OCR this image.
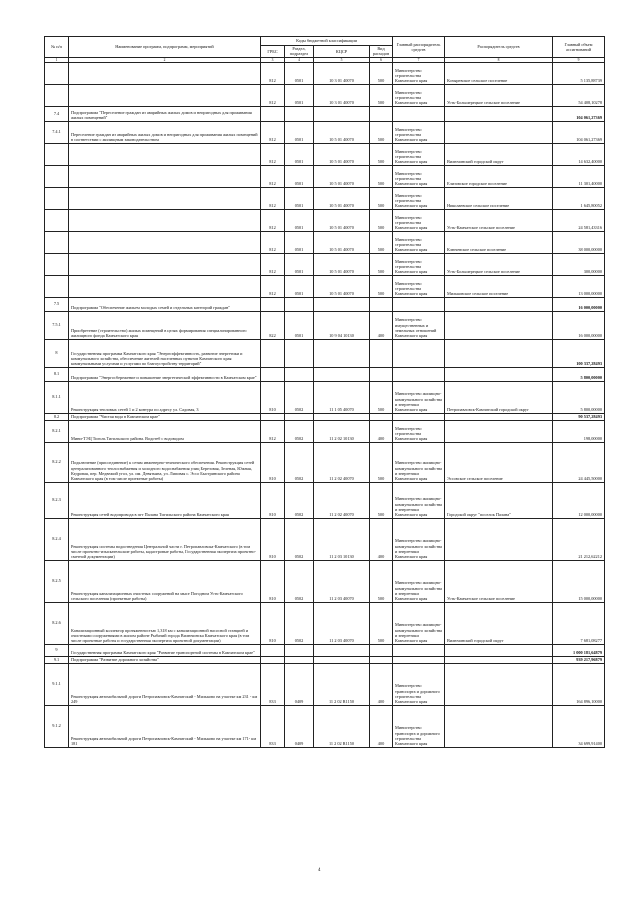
№ п/п	Наименование программ, подпрограмм, мероприятий	Коды бюджетной классификации				Главный распорядитель средств	Распорядитель средств	Главный объем ассигнований
		ГРБС	Раздел, подраздел	КЦСР	Вид расходов			
1	2	3	4	5	6	7	8	9
		812	0501	10 3 01 40070	500	Министерство строительства Камчатского края	Козыревское сельское поселение	5 135,88739
		812	0501	10 3 01 40070	500	Министерство строительства Камчатского края	Усть-Большерецкое сельское поселение	54 408,10278
7.4	Подпрограмма "Переселение граждан из аварийных жилых домов и непригодных для проживания жилых помещений"							104 061,27369
7.4.1	Переселение граждан из аварийных жилых домов и непригодных для проживания жилых помещений в соответствии с жилищным законодательством	812	0501	10 5 01 40070	500	Министерство строительства Камчатского края		104 061,27369
		812	0501	10 5 01 40070	500	Министерство строительства Камчатского края	Вилючинский городской округ	14 632,40000
		812	0501	10 5 01 40070	500	Министерство строительства Камчатского края	Елизовское городское поселение	11 301,40000
		812	0501	10 5 01 40070	500	Министерство строительства Камчатского края	Николаевское сельское поселение	1 645,80052
		812	0501	10 5 01 40070	500	Министерство строительства Камчатского края	Усть-Камчатское сельское поселение	24 581,43316
		812	0501	10 5 01 40070	500	Министерство строительства Камчатского края	Ключевское сельское поселение	38 000,00000
		812	0501	10 5 01 40070	500	Министерство строительства Камчатского края	Усть-Большерецкое сельское поселение	300,00000
		812	0501	10 5 01 40070	500	Министерство строительства Камчатского края	Мильковское сельское поселение	13 000,00000
7.5	Подпрограмма "Обеспечение жильем молодых семей и отдельных категорий граждан"							16 000,00000
7.5.1	Приобретение (строительство) жилых помещений в целях формирования специализированного жилищного фонда Камчатского края	822	0501	10 9 04 10130	400	Министерство имущественных и земельных отношений Камчатского края		16 000,00000
8	Государственная программа Камчатского края "Энергоэффективность, развитие энергетики и коммунального хозяйства, обеспечение жителей населенных пунктов Камчатского края коммунальными услугами и услугами по благоустройству территорий"							100 337,28493
8.1	Подпрограмма "Энергосбережение и повышение энергетической эффективности в Камчатском крае"							5 800,00000
8.1.1	Реконструкция тепловых сетей 1 и 2 контура по адресу ул. Садовая, 3	810	0502	11 1 05 40070	500	Министерство жилищно-коммунального хозяйства и энергетики Камчатского края	Петропавловск-Камчатский городской округ	5 800,00000
8.2	Подпрограмма "Чистая вода в Камчатском крае"							90 537,28493
8.2.1	Мини-ТЭЦ Тиголь Тигильского района. Водотеб с водоводом	812	0502	11 2 02 10130	400	Министерство строительства Камчатского края		198,00000
8.2.2	Подключение (присоединение) к сетям инженерно-технического обеспечения. Реконструкция сетей централизованного теплоснабжения и холодного водоснабжения улиц Березовая, Зеленая, Южная, Кедровая, пер. Медвежий угол, ул. им. Девятьяна, ул. Липовая с. Эссо Быстринского района Камчатского края (в том числе проектные работы)	810	0502	11 2 02 40070	500	Министерство жилищно-коммунального хозяйства и энергетики Камчатского края	Эссовское сельское поселение	24 445,50000
8.2.3	Реконструкция сетей водопровода в пгт Палана Тигильского района Камчатского края	810	0502	11 2 02 40070	500	Министерство жилищно-коммунального хозяйства и энергетики Камчатского края	Городской округ "поселок Палана"	12 000,00000
8.2.4	Реконструкция системы водоотведения Центральной части г. Петропавловска-Камчатского (в том числе проектно-изыскательские работы, кадастровые работы, Государственная экспертиза проектно-сметной документации)	810	0502	11 2 03 10130	400	Министерство жилищно-коммунального хозяйства и энергетики Камчатского края		21 212,62212
8.2.5	Реконструкция канализационных очистных сооружений на мысе Погодном Усть-Камчатского сельского поселения (проектные работы)	810	0502	11 2 03 40070	500	Министерство жилищно-коммунального хозяйства и энергетики Камчатского края	Усть-Камчатское сельское поселение	15 000,00000
8.2.6	Канализационный коллектор протяженностью 1,318 км с канализационной насосной станцией и очистными сооружениями в жилом районе Рыбачий города Вилючинска Камчатского края (в том числе проектные работы и государственная экспертиза проектной документации)	810	0502	11 2 03 40070	500	Министерство жилищно-коммунального хозяйства и энергетики Камчатского края	Вилючинский городской округ	7 681,08277
9	Государственная программа Камчатского края "Развитие транспортной системы в Камчатском крае"							1 000 181,64879
9.1	Подпрограмма "Развитие дорожного хозяйства"							939 217,96879
9.1.1	Реконструкция автомобильной дороги Петропавловск-Камчатский - Мильково на участке км 231 - км 249	833	0409	11 2 02 R1150	400	Министерство транспорта и дорожного строительства Камчатского края		164 896,10000
9.1.2	Реконструкция автомобильной дороги Петропавловск-Камчатский - Мильково на участке км 171- км 181	833	0409	11 2 02 R1150	400	Министерство транспорта и дорожного строительства Камчатского края		34 699,91400
4
